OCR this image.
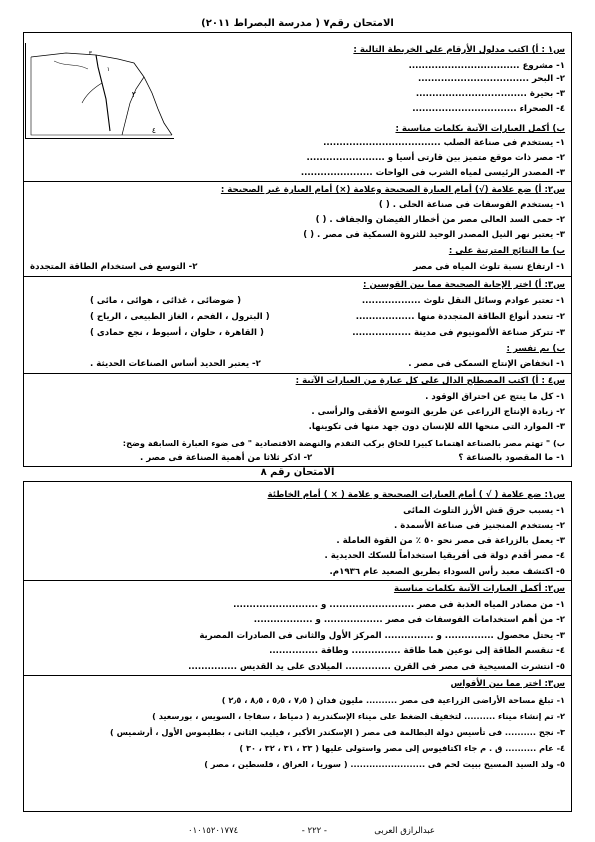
الامتحان رقم٧ ( مدرسة البصراط ٢٠١١)
٢
٤
١
٣	س١ : أ) اكتب مدلول الأرقام على الخريطة التالية :
١- مشروع ..................................
٢- البحر ..................................
٣- بحيرة ..................................
٤- الصحراء ................................
ب) أكمل العبارات الآتية بكلمات مناسبة :
١- يستخدم فى صناعة الصلب ....................................
٢- مصر ذات موقع متميز بين قارتى أسيا و ........................
٣- المصدر الرئيسى لمياه الشرب فى الواحات ......................
س٢: أ) ضع علامة (√) أمام العبارة الصحيحة وعلامة (×) أمام العبارة غير الصحيحة :
١- يستخدم الفوسفات فى صناعة الحلى . ( )
٢- حمى السد العالى مصر من أخطار الفيضان والجفاف . ( )
٣- يعتبر نهر النيل المصدر الوحيد للثروة السمكية فى مصر . ( )
ب) ما النتائج المترتبة على :
١- ارتفاع نسبة تلوث المياه فى مصر
٢- التوسع فى استخدام الطاقة المتجددة
س٣: أ) اختر الإجابة الصحيحة مما بين القوسين :
١- تعتبر عوادم وسائل النقل تلوث ..................
( ضوضائى ، غذائى ، هوائى ، مائى )
٢- تتعدد أنواع الطاقة المتجددة منها ..................
( البترول ، الفحم ، الغاز الطبيعى ، الرياح )
٣- تتركز صناعة الألمونيوم فى مدينة ..................
( القاهرة ، حلوان ، أسيوط ، نجع حمادى )
ب) بم تفسر :
١- انخفاض الإنتاج السمكى فى مصر .
٢- يعتبر الحديد أساس الصناعات الحديثة .
س٤ : أ) اكتب المصطلح الدال على كل عبارة من العبارات الآتية :
١- كل ما ينتج عن احتراق الوقود .
٢- زيادة الإنتاج الزراعى عن طريق التوسع الأفقى والرأسى .
٣- الموارد التى منحها الله للإنسان دون جهد منها فى تكوينها.
ب) " تهتم مصر بالصناعة اهتماما كبيرا للحاق بركب التقدم والنهضة الاقتصادية " فى ضوء العبارة السابقة وضح:
١- ما المقصود بالصناعة ؟
٢- اذكر ثلاثا من أهمية الصناعة فى مصر .
الامتحان رقم ٨
س١: ضع علامة ( √ ) أمام العبارات الصحيحة و علامة ( × ) أمام الخاطئة
١- يسبب حرق قش الأرز التلوث المائى
٢- يستخدم المنجنيز فى صناعة الأسمدة .
٣- يعمل بالزراعة فى مصر نحو ٥٠ ٪ من القوة العاملة .
٤- مصر أقدم دولة فى أفريقيا استخداماً للسكك الحديدية .
٥- اكتشف معبد رأس السوداء بطريق الصعيد عام ١٩٣٦م.
س٢: أكمل العبارات الآتية بكلمات مناسبة
١- من مصادر المياه العذبة فى مصر .......................... و ..........................
٢- من أهم استخدامات الفوسفات فى مصر .................. و ..................
٣- يحتل محصول ............... و ............... المركز الأول والثانى فى الصادرات المصرية
٤- تنقسم الطاقة إلى نوعين هما طاقة ............... وطاقة ...............
٥- انتشرت المسيحية فى مصر فى القرن .............. الميلادى على يد القديس ...............
س٣: اختر مما بين الأقواس
١- تبلغ مساحة الأراضى الزراعية فى مصر .......... مليون فدان ( ٧٫٥ ، ٥٫٥ ، ٨٫٥ ، ٢٫٥ )
٢- تم إنشاء ميناء .......... لتخفيف الضغط على ميناء الإسكندرية ( دمياط ، سفاجا ، السويس ، بورسعيد )
٣- نجح .......... فى تأسيس دولة البطالمة فى مصر ( الإسكندر الأكبر ، فيليب الثانى ، بطليموس الأول ، أرشميس )
٤- عام .......... ق . م جاء اكتافيوس إلى مصر واستولى عليها ( ٣٣ ، ٣١ ، ٣٢ ، ٣٠ )
٥- ولد السيد المسيح ببيت لحم فى ........................ ( سوريا ، العراق ، فلسطين ، مصر )
عبدالرازق العربى
- ٢٢٢ -
٠١٠١٥٢٠١٧٧٤
